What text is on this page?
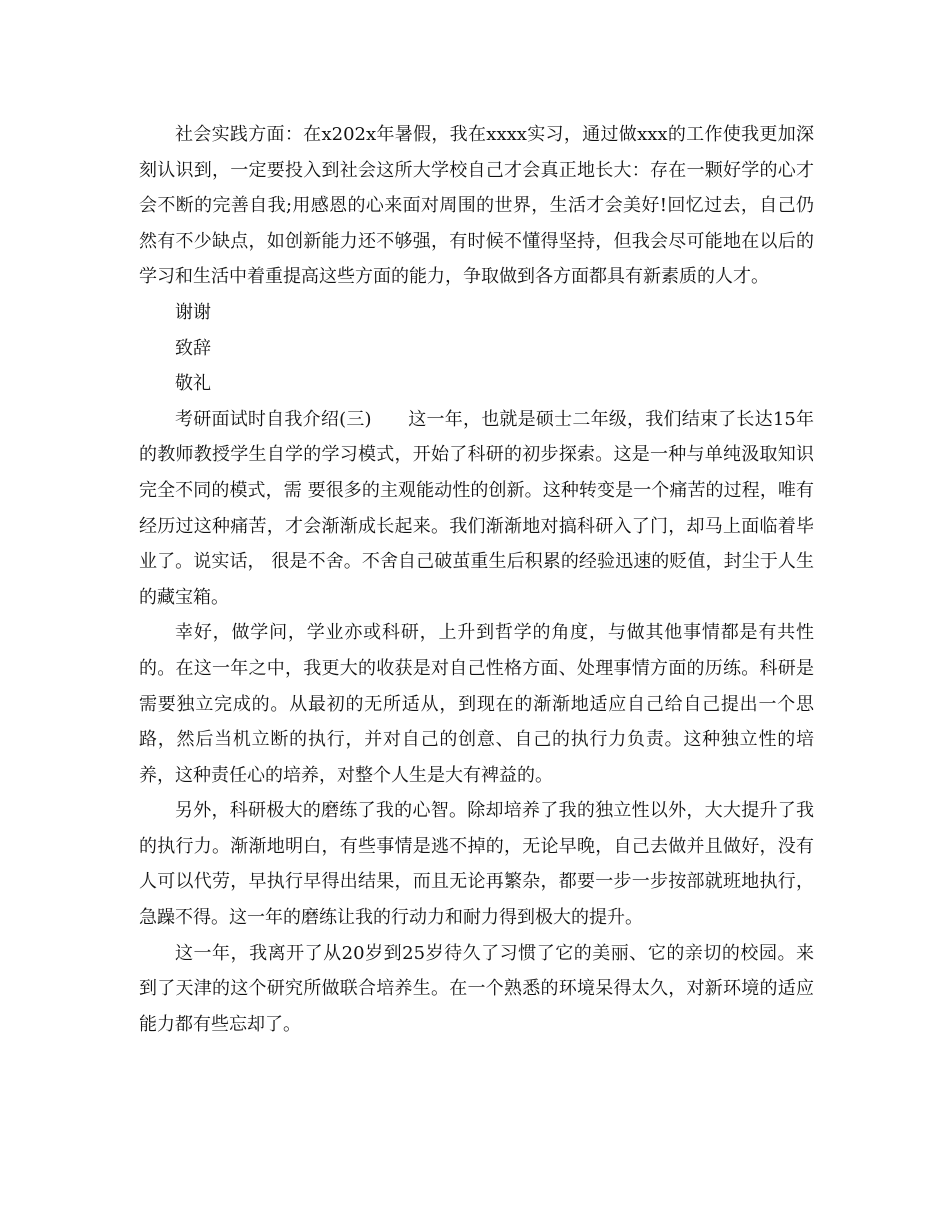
社会实践方面：在x202x年暑假，我在xxxx实习，通过做xxx的工作使我更加深刻认识到，一定要投入到社会这所大学校自己才会真正地长大：存在一颗好学的心才会不断的完善自我;用感恩的心来面对周围的世界，生活才会美好!回忆过去，自己仍然有不少缺点，如创新能力还不够强，有时候不懂得坚持，但我会尽可能地在以后的学习和生活中着重提高这些方面的能力，争取做到各方面都具有新素质的人才。

谢谢

致辞

敬礼

考研面试时自我介绍(三)　　 这一年，也就是硕士二年级，我们结束了长达15年的教师教授学生自学的学习模式，开始了科研的初步探索。这是一种与单纯汲取知识完全不同的模式，需 要很多的主观能动性的创新。这种转变是一个痛苦的过程，唯有经历过这种痛苦，才会渐渐成长起来。我们渐渐地对搞科研入了门，却马上面临着毕业了。说实话， 很是不舍。不舍自己破茧重生后积累的经验迅速的贬值，封尘于人生的藏宝箱。

幸好，做学问，学业亦或科研，上升到哲学的角度，与做其他事情都是有共性的。在这一年之中，我更大的收获是对自己性格方面、处理事情方面的历练。科研是需要独立完成的。从最初的无所适从，到现在的渐渐地适应自己给自己提出一个思路，然后当机立断的执行，并对自己的创意、自己的执行力负责。这种独立性的培养，这种责任心的培养，对整个人生是大有裨益的。

另外，科研极大的磨练了我的心智。除却培养了我的独立性以外，大大提升了我的执行力。渐渐地明白，有些事情是逃不掉的，无论早晚，自己去做并且做好，没有人可以代劳，早执行早得出结果，而且无论再繁杂，都要一步一步按部就班地执行，急躁不得。这一年的磨练让我的行动力和耐力得到极大的提升。

这一年，我离开了从20岁到25岁待久了习惯了它的美丽、它的亲切的校园。来到了天津的这个研究所做联合培养生。在一个熟悉的环境呆得太久，对新环境的适应能力都有些忘却了。
